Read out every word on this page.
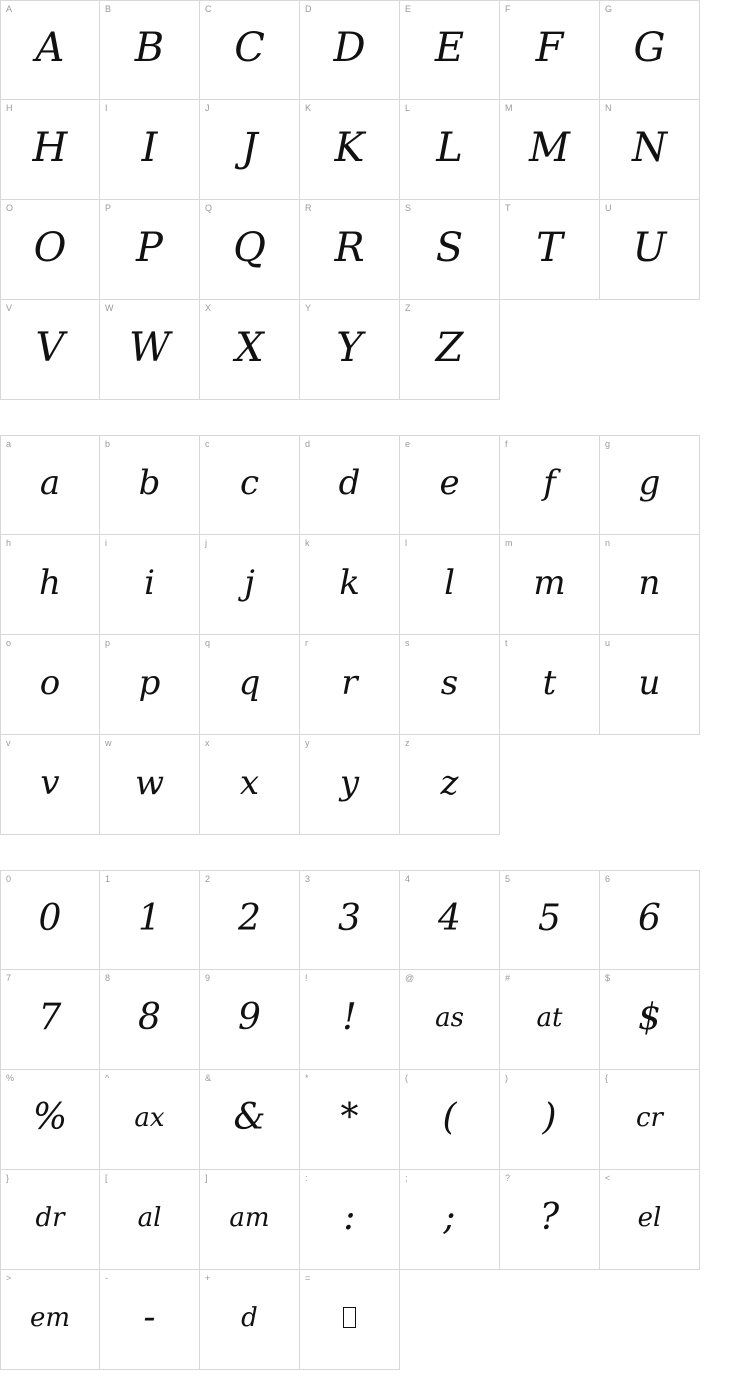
A
A
B
B
C
C
D
D
E
E
F
F
G
G
H
H
I
I
J
J
K
K
L
L
M
M
N
N
O
O
P
P
Q
Q
R
R
S
S
T
T
U
U
V
V
W
W
X
X
Y
Y
Z
Z
a
a
b
b
c
c
d
d
e
e
f
f
g
g
h
h
i
i
j
j
k
k
l
l
m
m
n
n
o
o
p
p
q
q
r
r
s
s
t
t
u
u
v
v
w
w
x
x
y
y
z
z
0
0
1
1
2
2
3
3
4
4
5
5
6
6
7
7
8
8
9
9
!
!
@
as
#
at
$
$
%
%
^
ax
&
&
*
*
(
(
)
)
{
cr
}
dr
[
al
]
am
:
:
;
;
?
?
<
el
>
em
-
-
+
d
=
